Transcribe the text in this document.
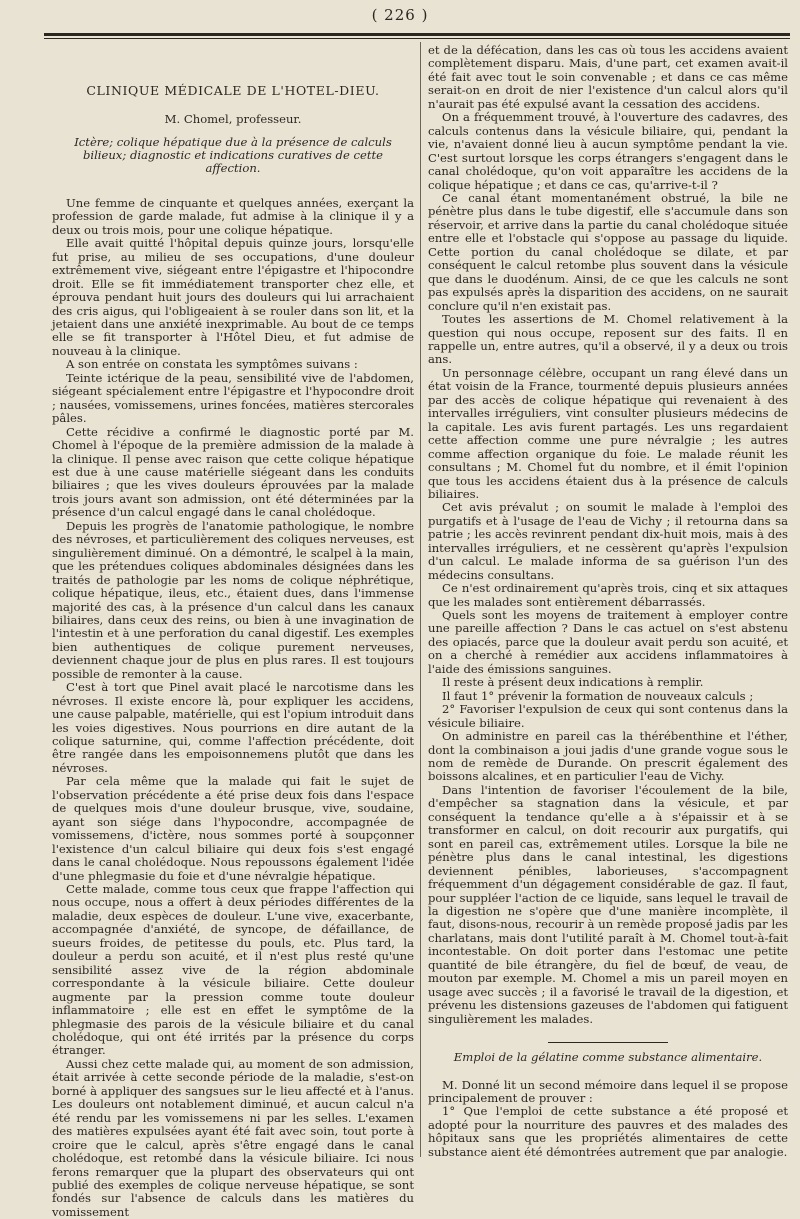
( 226 )
CLINIQUE MÉDICALE DE L'HOTEL-DIEU.
M. Chomel, professeur.
Ictère; colique hépatique due à la présence de calculs bilieux; diagnostic et indications curatives de cette affection.

Une femme de cinquante et quelques années, exerçant la profession de garde malade, fut admise à la clinique il y a deux ou trois mois, pour une colique hépatique.

Elle avait quitté l'hôpital depuis quinze jours, lorsqu'elle fut prise, au milieu de ses occupations, d'une douleur extrêmement vive, siégeant entre l'épigastre et l'hipocondre droit. Elle se fit immédiatement transporter chez elle, et éprouva pendant huit jours des douleurs qui lui arrachaient des cris aigus, qui l'obligeaient à se rouler dans son lit, et la jetaient dans une anxiété inexprimable. Au bout de ce temps elle se fit transporter à l'Hôtel Dieu, et fut admise de nouveau à la clinique.

A son entrée on constata les symptômes suivans :

Teinte ictérique de la peau, sensibilité vive de l'abdomen, siégeant spécialement entre l'épigastre et l'hypocondre droit ; nausées, vomissemens, urines foncées, matières stercorales pâles.

Cette récidive a confirmé le diagnostic porté par M. Chomel à l'époque de la première admission de la malade à la clinique. Il pense avec raison que cette colique hépatique est due à une cause matérielle siégeant dans les conduits biliaires ; que les vives douleurs éprouvées par la malade trois jours avant son admission, ont été déterminées par la présence d'un calcul engagé dans le canal cholédoque.

Depuis les progrès de l'anatomie pathologique, le nombre des névroses, et particulièrement des coliques nerveuses, est singulièrement diminué. On a démontré, le scalpel à la main, que les prétendues coliques abdominales désignées dans les traités de pathologie par les noms de colique néphrétique, colique hépatique, ileus, etc., étaient dues, dans l'immense majorité des cas, à la présence d'un calcul dans les canaux biliaires, dans ceux des reins, ou bien à une invagination de l'intestin et à une perforation du canal digestif. Les exemples bien authentiques de colique purement nerveuses, deviennent chaque jour de plus en plus rares. Il est toujours possible de remonter à la cause.

C'est à tort que Pinel avait placé le narcotisme dans les névroses. Il existe encore là, pour expliquer les accidens, une cause palpable, matérielle, qui est l'opium introduit dans les voies digestives. Nous pourrions en dire autant de la colique saturnine, qui, comme l'affection précédente, doit être rangée dans les empoisonnemens plutôt que dans les névroses.

Par cela même que la malade qui fait le sujet de l'observation précédente a été prise deux fois dans l'espace de quelques mois d'une douleur brusque, vive, soudaine, ayant son siége dans l'hypocondre, accompagnée de vomissemens, d'ictère, nous sommes porté à soupçonner l'existence d'un calcul biliaire qui deux fois s'est engagé dans le canal cholédoque. Nous repoussons également l'idée d'une phlegmasie du foie et d'une névralgie hépatique.

Cette malade, comme tous ceux que frappe l'affection qui nous occupe, nous a offert à deux périodes différentes de la maladie, deux espèces de douleur. L'une vive, exacerbante, accompagnée d'anxiété, de syncope, de défaillance, de sueurs froides, de petitesse du pouls, etc. Plus tard, la douleur a perdu son acuité, et il n'est plus resté qu'une sensibilité assez vive de la région abdominale correspondante à la vésicule biliaire. Cette douleur augmente par la pression comme toute douleur inflammatoire ; elle est en effet le symptôme de la phlegmasie des parois de la vésicule biliaire et du canal cholédoque, qui ont été irrités par la présence du corps étranger.

Aussi chez cette malade qui, au moment de son admission, était arrivée à cette seconde période de la maladie, s'est-on borné à appliquer des sangsues sur le lieu affecté et à l'anus. Les douleurs ont notablement diminué, et aucun calcul n'a été rendu par les vomissemens ni par les selles. L'examen des matières expulsées ayant été fait avec soin, tout porte à croire que le calcul, après s'être engagé dans le canal cholédoque, est retombé dans la vésicule biliaire. Ici nous ferons remarquer que la plupart des observateurs qui ont publié des exemples de colique nerveuse hépatique, se sont fondés sur l'absence de calculs dans les matières du vomissement

et de la défécation, dans les cas où tous les accidens avaient complètement disparu. Mais, d'une part, cet examen avait-il été fait avec tout le soin convenable ; et dans ce cas même serait-on en droit de nier l'existence d'un calcul alors qu'il n'aurait pas été expulsé avant la cessation des accidens.

On a fréquemment trouvé, à l'ouverture des cadavres, des calculs contenus dans la vésicule biliaire, qui, pendant la vie, n'avaient donné lieu à aucun symptôme pendant la vie. C'est surtout lorsque les corps étrangers s'engagent dans le canal cholédoque, qu'on voit apparaître les accidens de la colique hépatique ; et dans ce cas, qu'arrive-t-il ?

Ce canal étant momentanément obstrué, la bile ne pénètre plus dans le tube digestif, elle s'accumule dans son réservoir, et arrive dans la partie du canal cholédoque située entre elle et l'obstacle qui s'oppose au passage du liquide. Cette portion du canal cholédoque se dilate, et par conséquent le calcul retombe plus souvent dans la vésicule que dans le duodénum. Ainsi, de ce que les calculs ne sont pas expulsés après la disparition des accidens, on ne saurait conclure qu'il n'en existait pas.

Toutes les assertions de M. Chomel relativement à la question qui nous occupe, reposent sur des faits. Il en rappelle un, entre autres, qu'il a observé, il y a deux ou trois ans.

Un personnage célèbre, occupant un rang élevé dans un état voisin de la France, tourmenté depuis plusieurs années par des accès de colique hépatique qui revenaient à des intervalles irréguliers, vint consulter plusieurs médecins de la capitale. Les avis furent partagés. Les uns regardaient cette affection comme une pure névralgie ; les autres comme affection organique du foie. Le malade réunit les consultans ; M. Chomel fut du nombre, et il émit l'opinion que tous les accidens étaient dus à la présence de calculs biliaires.

Cet avis prévalut ; on soumit le malade à l'emploi des purgatifs et à l'usage de l'eau de Vichy ; il retourna dans sa patrie ; les accès revinrent pendant dix-huit mois, mais à des intervalles irréguliers, et ne cessèrent qu'après l'expulsion d'un calcul. Le malade informa de sa guérison l'un des médecins consultans.

Ce n'est ordinairement qu'après trois, cinq et six attaques que les malades sont entièrement débarrassés.

Quels sont les moyens de traitement à employer contre une pareille affection ? Dans le cas actuel on s'est abstenu des opiacés, parce que la douleur avait perdu son acuité, et on a cherché à remédier aux accidens inflammatoires à l'aide des émissions sanguines.

Il reste à présent deux indications à remplir.

Il faut 1° prévenir la formation de nouveaux calculs ;

2° Favoriser l'expulsion de ceux qui sont contenus dans la vésicule biliaire.

On administre en pareil cas la thérébenthine et l'éther, dont la combinaison a joui jadis d'une grande vogue sous le nom de remède de Durande. On prescrit également des boissons alcalines, et en particulier l'eau de Vichy.

Dans l'intention de favoriser l'écoulement de la bile, d'empêcher sa stagnation dans la vésicule, et par conséquent la tendance qu'elle a à s'épaissir et à se transformer en calcul, on doit recourir aux purgatifs, qui sont en pareil cas, extrêmement utiles. Lorsque la bile ne pénètre plus dans le canal intestinal, les digestions deviennent pénibles, laborieuses, s'accompagnent fréquemment d'un dégagement considérable de gaz. Il faut, pour suppléer l'action de ce liquide, sans lequel le travail de la digestion ne s'opère que d'une manière incomplète, il faut, disons-nous, recourir à un remède proposé jadis par les charlatans, mais dont l'utilité paraît à M. Chomel tout-à-fait incontestable. On doit porter dans l'estomac une petite quantité de bile étrangère, du fiel de bœuf, de veau, de mouton par exemple. M. Chomel a mis un pareil moyen en usage avec succès ; il a favorisé le travail de la digestion, et prévenu les distensions gazeuses de l'abdomen qui fatiguent singulièrement les malades.

Emploi de la gélatine comme substance alimentaire.

M. Donné lit un second mémoire dans lequel il se propose principalement de prouver :

1° Que l'emploi de cette substance a été proposé et adopté pour la nourriture des pauvres et des malades des hôpitaux sans que les propriétés alimentaires de cette substance aient été démontrées autrement que par analogie.
